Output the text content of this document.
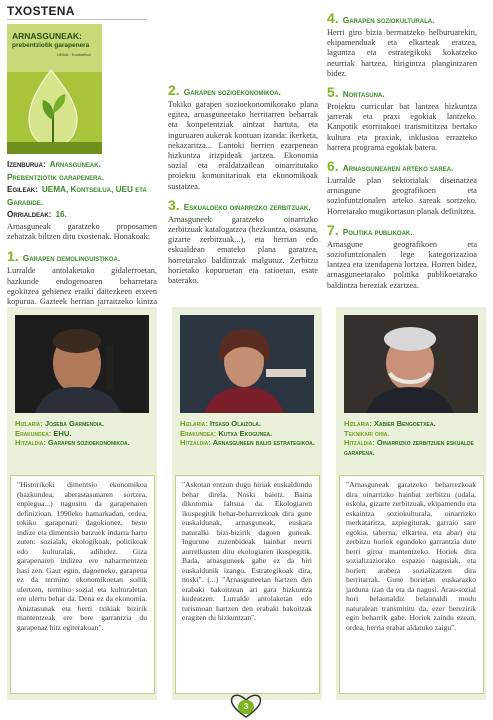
TXOSTENA
ARNASGUNEAK:
prebentziotik garapenera
UEMA · Kontseilua
Izenburua: Arnasguneak. Prebentziotik garapenera.
Egileak: UEMA, Kontseilua, UEU eta Garabide.
Orrialdeak: 16.

Arnasguneak garatzeko proposamen zehatzak biltzen ditu txostenak. Honakoak:

1. Garapen demolinguistikoa.

Lurralde antolaketako gidalerroetan, hazkunde endogenoaren beharretara egokitzea gehienez eraiki daitezkeen etxeen kopurua. Gazteek herrian jarraitzeko kintza

2. Garapen sozioekonomikoa.

Tokiko garapen sozioekonomikorako plana egitea, arnasguneetako herritarren beharrak eta konpetentziak aintzat hartuta, eta inguruaren aukerak kontuan izanda: ikerketa, nekazaritza... Lantoki berrien ezarpenean hizkuntza irizpideak jartzea. Ekonomia sozial eta eraldatzailean oinarritutako proiektu komunitarioak eta ekonomikoak sustatzea.

3. Eskualdeko oinarrizko zerbitzuak.

Arnasguneek garatzeko oinarrizko zerbitzuak katalogatzea (hezkuntza, osasuna, gizarte zerbitzuak...), eta herrian edo eskualdean emateko plana garatzea, horretarako baldintzak malgutuz. Zerbitzu horietako kopuruetan eta ratioetan, esate baterako.

4. Garapen soziokulturala.

Herri giro bizia bermatzeko helburuarekin, ekipamenduak eta elkarteak eratzea, laguntza eta estrategikoki kokatzeko neurriak hartzea, hirigintza plangintzaren bidez.

5. Nortasuna.

Proiektu curricular bat lantzea hizkuntza jarrerak eta praxi egokiak lantzeko. Kanpotik etorritakoei transmititzea bertako kultura eta praxiak, inklusioa errazteko harrera programa egokiak baterа.

6. Arnasgunearen arteko sarea.

Lurralde plan sektorialak diseinatzea arnasgune geografikoen eta soziofuntzionalen arteko sareak sortzeko. Horretarako mugikortasun planak definitzea.

7. Politika publikoak.

Arnasgune geografikoen eta soziofuntzionalen lege kategorizazioa lantzea eta izendapena lortzea. Horren bidez, arnasguneetarako politika publikoetarako baldintza bereziak ezartzea.

Hizlaria: Joseba Garmendia.
Erakundea: EHU.
Hitzaldia: Garapen sozioekonomikoa.
"Historikoki dimentsio ekonomikoa (bazkundea, aberastasunaren sortzea, enplegua...) nagusitu da garapenaren definizioan. 1990eko hamarkadan, ordea, tokiko garapenari dagokionez, beste indize eta dimentsio batzuek indarra hartu zuten: sozialak, ekologikoak, politikoak edo kulturalak, adibidez. Giza garapenaren indizea ere nabarmentzen hasi zen. Gaur egun, dagoeneko, garapena ez da termino ekonomikoetan soilik ulertzen, termino sozial eta kulturaletan ere ulertu behar da. Dena ez da ekonomia. Aniztasunak eta herri txikiak bizirik mantentzeak ere bere garrantzia du garapenaz hitz egiterakoan".
Hizlaria: Itsaso Olaizola.
Erakundea: Kutxa Ekogunea.
Hitzaldia: Arnasguneen balio estrategikoa.
"Askotan entzun dugu hiriak euskaldundu behar direla. Noski baietz. Baina dikotomia faltsua da. Ekologiaren ikuspegitik behar-beharrezkoak dira gune euskaldunak, arnasguneak, euskara naturalki bizi-bizirik dagoen guneak. Ingurune zuzenbideak hainbat neurri aurreikusten ditu ekologiaren ikuspegitik. Bada, arnasguneek gabe ez da hiri euskaldunik izango. Estrategikoak dira, noski". (...) "Arnasguneetan hartzen den erabaki bakoitzean ari gara hizkuntza kudeatzen. Lurralde antolaketan edo turismoan hartzen den erabaki bakoitzak eragiten du hizkuntzan".
Hizlaria: Xabier Bengoetxea.
Teknikari ohia.
Hitzaldia: Oinarrizko zerbitzuen eskualde garapena.
"Arnasguneak garatzeko beharrezkoak dira oinarrizko hainbat zerbitzu (udala, eskola, gizarte zerbitzuak, ekipamendu eta eskaintza soziokulturala, oinarrizko merkataritza, azpiegiturak, garraio sare egokia, taberna, elkartea, eta abar) eta zerbitzu horiek egundoko garrantzia dute herri giroa mantentzeko. Horiek dira sozializaziorako espazio nagusiak, eta horien arabera sozializatzen dira herritarrak. Gune horietan euskarazko jarduna izan da eta da nagusi. Arau-sozial hori belaunaldiz belaunaldi modu naturalean transmititu da, ezer berezirik egin beharrik gabe. Horiek zaindu ezean, ordea, herria erabat aldatuko zaigu".
3
